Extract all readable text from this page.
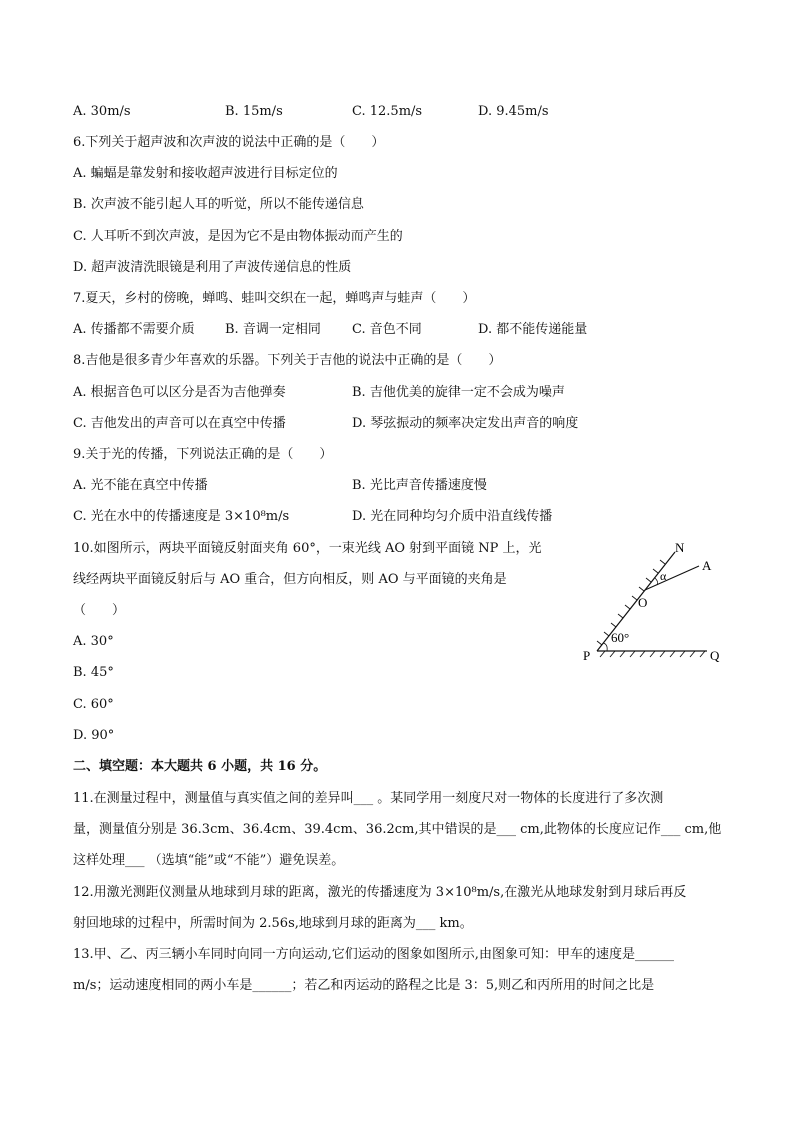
A. 30m/s	B. 15m/s	C. 12.5m/s	D. 9.45m/s
6.下列关于超声波和次声波的说法中正确的是（　　）
A. 蝙蝠是靠发射和接收超声波进行目标定位的
B. 次声波不能引起人耳的听觉，所以不能传递信息
C. 人耳听不到次声波，是因为它不是由物体振动而产生的
D. 超声波清洗眼镜是利用了声波传递信息的性质
7.夏天，乡村的傍晚，蝉鸣、蛙叫交织在一起，蝉鸣声与蛙声（　　）
A. 传播都不需要介质 B. 音调一定相同 C. 音色不同	D. 都不能传递能量
8.吉他是很多青少年喜欢的乐器。下列关于吉他的说法中正确的是（　　）
A. 根据音色可以区分是否为吉他弹奏	B. 吉他优美的旋律一定不会成为噪声
C. 吉他发出的声音可以在真空中传播	D. 琴弦振动的频率决定发出声音的响度
9.关于光的传播，下列说法正确的是（　　）
A. 光不能在真空中传播	B. 光比声音传播速度慢
C. 光在水中的传播速度是 3×10⁸m/s	D. 光在同种均匀介质中沿直线传播
10.如图所示，两块平面镜反射面夹角 60°，一束光线 AO 射到平面镜 NP 上，光
线经两块平面镜反射后与 AO 重合，但方向相反，则 AO 与平面镜的夹角是
（　　）
A. 30°
B. 45°
C. 60°
D. 90°
N
A
α
O
60°
P	Q
二、填空题：本大题共 6 小题，共 16 分。
11.在测量过程中，测量值与真实值之间的差异叫___ 。某同学用一刻度尺对一物体的长度进行了多次测
量，测量值分别是 36.3cm、36.4cm、39.4cm、36.2cm,其中错误的是___ cm,此物体的长度应记作___ cm,他
这样处理___ （选填“能”或“不能”）避免误差。
12.用激光测距仪测量从地球到月球的距离，激光的传播速度为 3×10⁸m/s,在激光从地球发射到月球后再反
射回地球的过程中，所需时间为 2.56s,地球到月球的距离为___ km。
13.甲、乙、丙三辆小车同时向同一方向运动,它们运动的图象如图所示,由图象可知：甲车的速度是______
m/s；运动速度相同的两小车是______；若乙和丙运动的路程之比是 3：5,则乙和丙所用的时间之比是
